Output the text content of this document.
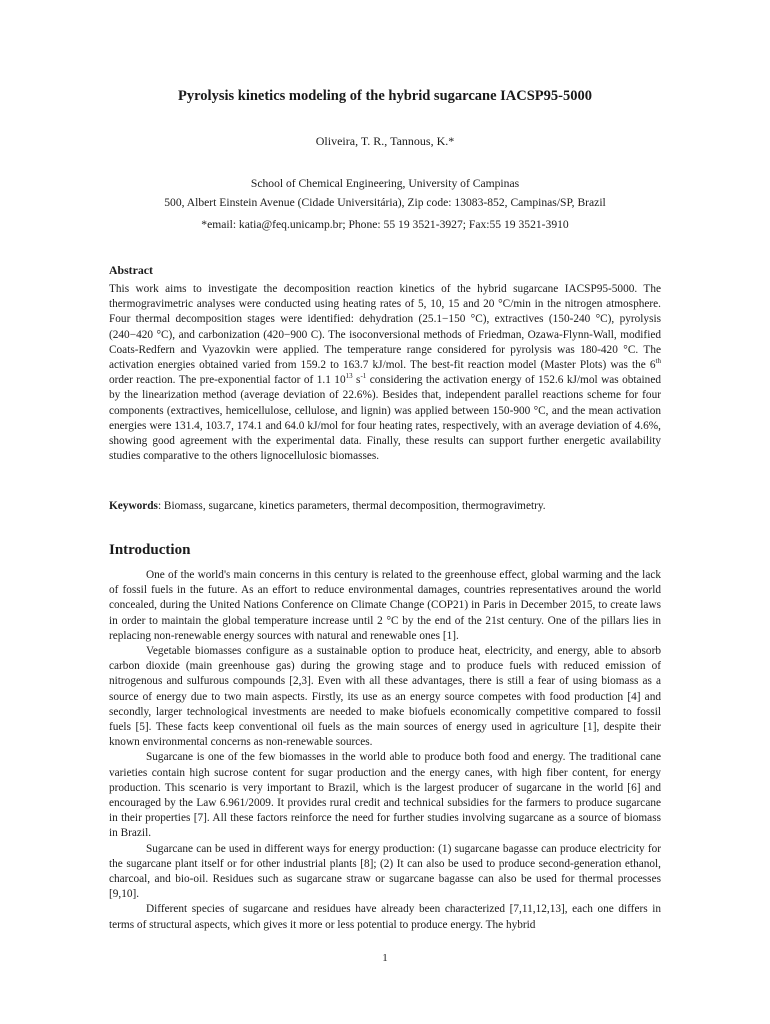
Pyrolysis kinetics modeling of the hybrid sugarcane IACSP95-5000
Oliveira, T. R., Tannous, K.*
School of Chemical Engineering, University of Campinas
500, Albert Einstein Avenue (Cidade Universitária), Zip code: 13083-852, Campinas/SP, Brazil
*email: katia@feq.unicamp.br; Phone: 55 19 3521-3927; Fax:55 19 3521-3910
Abstract
This work aims to investigate the decomposition reaction kinetics of the hybrid sugarcane IACSP95-5000. The thermogravimetric analyses were conducted using heating rates of 5, 10, 15 and 20 °C/min in the nitrogen atmosphere. Four thermal decomposition stages were identified: dehydration (25.1−150 °C), extractives (150-240 °C), pyrolysis (240−420 °C), and carbonization (420−900 C). The isoconversional methods of Friedman, Ozawa-Flynn-Wall, modified Coats-Redfern and Vyazovkin were applied. The temperature range considered for pyrolysis was 180-420 °C. The activation energies obtained varied from 159.2 to 163.7 kJ/mol. The best-fit reaction model (Master Plots) was the 6th order reaction. The pre-exponential factor of 1.1 $10^{13}$ $s^{-1}$ considering the activation energy of 152.6 kJ/mol was obtained by the linearization method (average deviation of 22.6%). Besides that, independent parallel reactions scheme for four components (extractives, hemicellulose, cellulose, and lignin) was applied between 150-900 °C, and the mean activation energies were 131.4, 103.7, 174.1 and 64.0 kJ/mol for four heating rates, respectively, with an average deviation of 4.6%, showing good agreement with the experimental data. Finally, these results can support further energetic availability studies comparative to the others lignocellulosic biomasses.
Keywords: Biomass, sugarcane, kinetics parameters, thermal decomposition, thermogravimetry.
Introduction

One of the world's main concerns in this century is related to the greenhouse effect, global warming and the lack of fossil fuels in the future. As an effort to reduce environmental damages, countries representatives around the world concealed, during the United Nations Conference on Climate Change (COP21) in Paris in December 2015, to create laws in order to maintain the global temperature increase until 2 °C by the end of the 21st century. One of the pillars lies in replacing non-renewable energy sources with natural and renewable ones [1].

Vegetable biomasses configure as a sustainable option to produce heat, electricity, and energy, able to absorb carbon dioxide (main greenhouse gas) during the growing stage and to produce fuels with reduced emission of nitrogenous and sulfurous compounds [2,3]. Even with all these advantages, there is still a fear of using biomass as a source of energy due to two main aspects. Firstly, its use as an energy source competes with food production [4] and secondly, larger technological investments are needed to make biofuels economically competitive compared to fossil fuels [5]. These facts keep conventional oil fuels as the main sources of energy used in agriculture [1], despite their known environmental concerns as non-renewable sources.

Sugarcane is one of the few biomasses in the world able to produce both food and energy. The traditional cane varieties contain high sucrose content for sugar production and the energy canes, with high fiber content, for energy production. This scenario is very important to Brazil, which is the largest producer of sugarcane in the world [6] and encouraged by the Law 6.961/2009. It provides rural credit and technical subsidies for the farmers to produce sugarcane in their properties [7]. All these factors reinforce the need for further studies involving sugarcane as a source of biomass in Brazil.

Sugarcane can be used in different ways for energy production: (1) sugarcane bagasse can produce electricity for the sugarcane plant itself or for other industrial plants [8]; (2) It can also be used to produce second-generation ethanol, charcoal, and bio-oil. Residues such as sugarcane straw or sugarcane bagasse can also be used for thermal processes [9,10].

Different species of sugarcane and residues have already been characterized [7,11,12,13], each one differs in terms of structural aspects, which gives it more or less potential to produce energy. The hybrid

1
